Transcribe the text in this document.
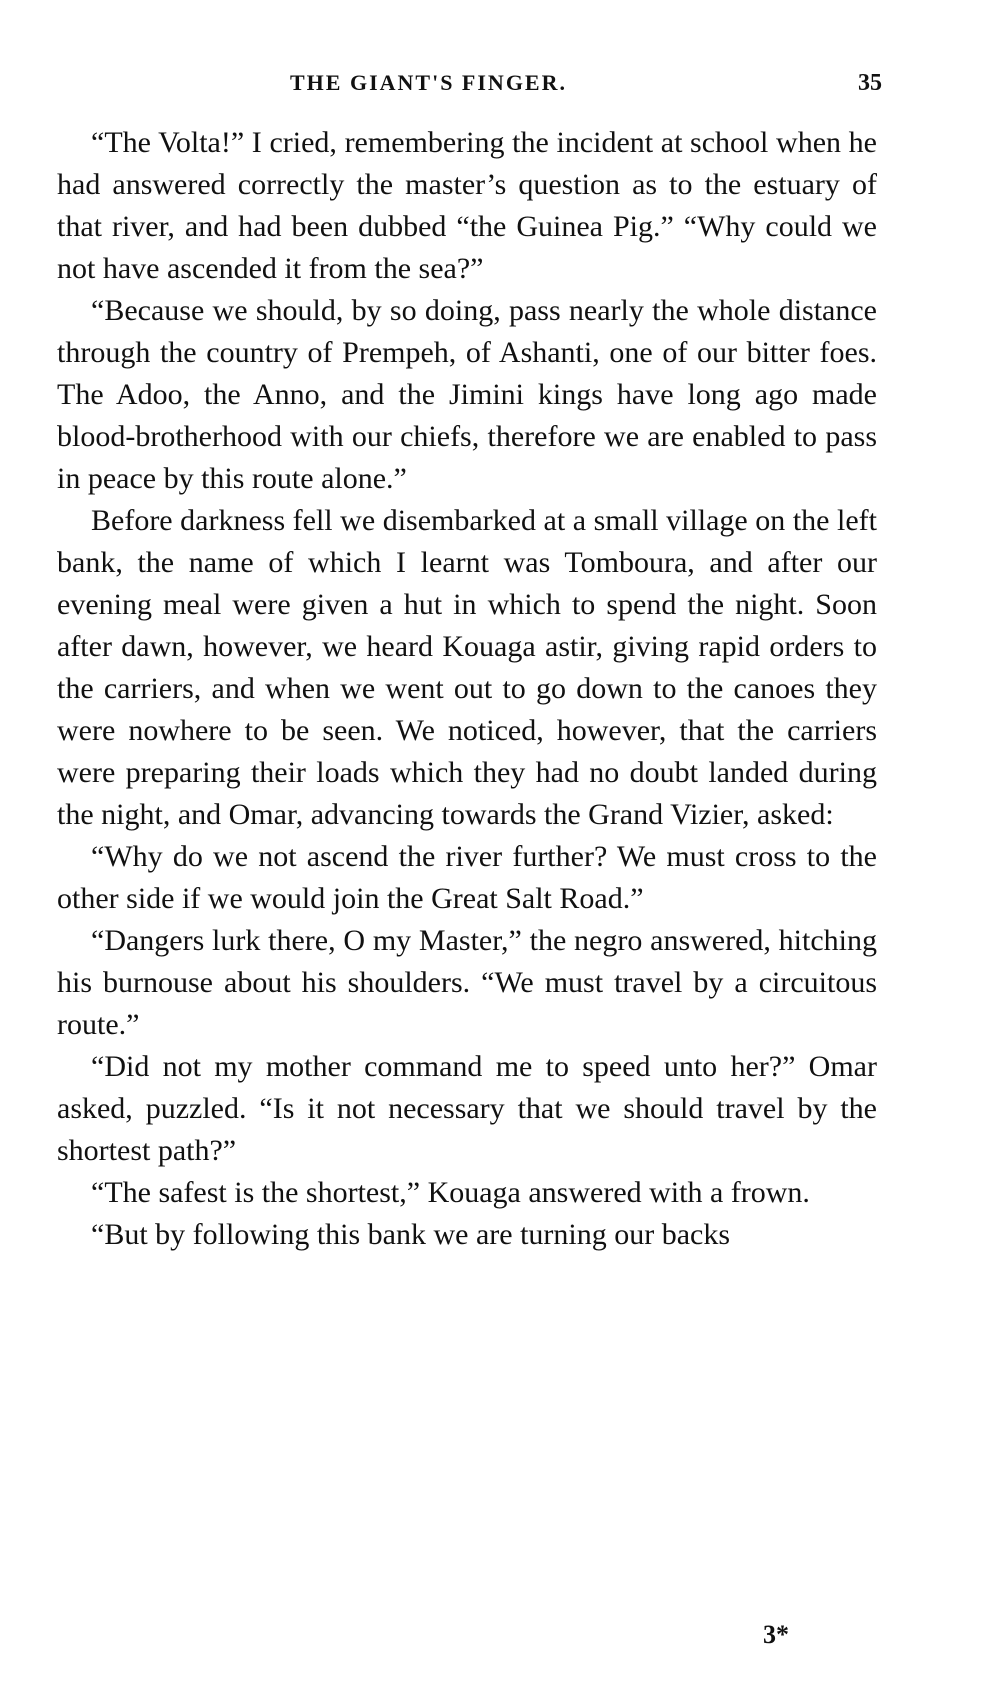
THE GIANT'S FINGER.	35

“The Volta!” I cried, remembering the incident at school when he had answered correctly the master’s question as to the estuary of that river, and had been dubbed “the Guinea Pig.” “Why could we not have ascended it from the sea?”

“Because we should, by so doing, pass nearly the whole distance through the country of Prempeh, of Ashanti, one of our bitter foes. The Adoo, the Anno, and the Jimini kings have long ago made blood-brotherhood with our chiefs, therefore we are enabled to pass in peace by this route alone.”

Before darkness fell we disembarked at a small village on the left bank, the name of which I learnt was Tomboura, and after our evening meal were given a hut in which to spend the night. Soon after dawn, however, we heard Kouaga astir, giving rapid orders to the carriers, and when we went out to go down to the canoes they were nowhere to be seen. We noticed, however, that the carriers were preparing their loads which they had no doubt landed during the night, and Omar, advancing towards the Grand Vizier, asked:

“Why do we not ascend the river further? We must cross to the other side if we would join the Great Salt Road.”

“Dangers lurk there, O my Master,” the negro answered, hitching his burnouse about his shoulders. “We must travel by a circuitous route.”

“Did not my mother command me to speed unto her?” Omar asked, puzzled. “Is it not necessary that we should travel by the shortest path?”

“The safest is the shortest,” Kouaga answered with a frown.

“But by following this bank we are turning our backs

3*
